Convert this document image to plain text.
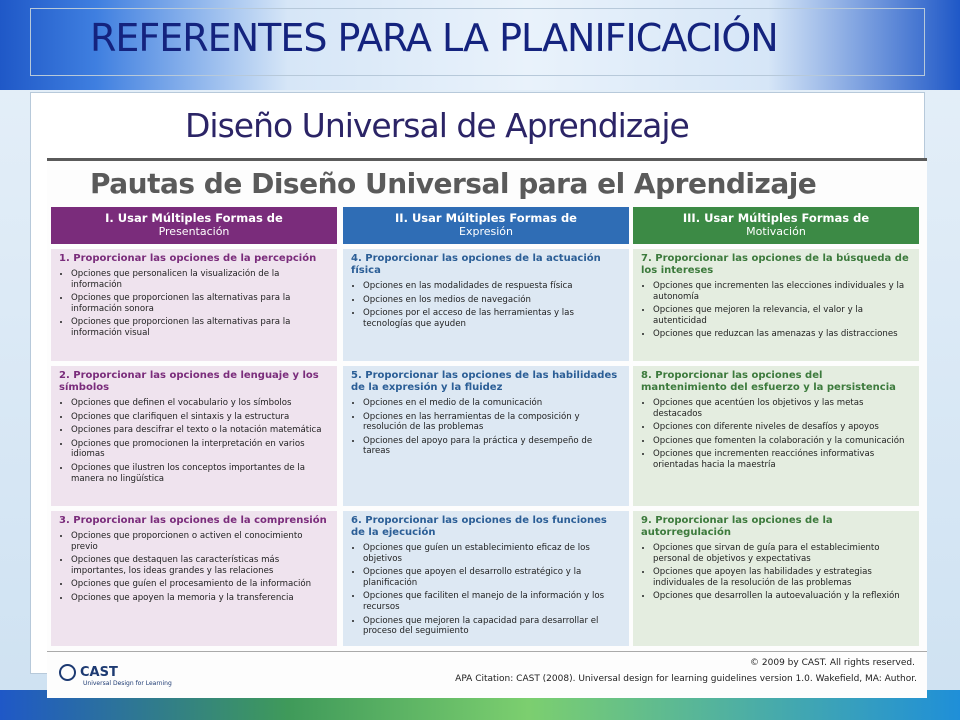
REFERENTES PARA LA PLANIFICACIÓN
Diseño Universal de Aprendizaje
Pautas de Diseño Universal para el Aprendizaje
I. Usar Múltiples Formas de
Presentación
1. Proporcionar las opciones de la percepción
• Opciones que personalicen la visualización de la información
• Opciones que proporcionen las alternativas para la información sonora
• Opciones que proporcionen las alternativas para la información visual
2. Proporcionar las opciones de lenguaje y los símbolos
• Opciones que definen el vocabulario y los símbolos
• Opciones que clarifiquen el sintaxis y la estructura
• Opciones para descifrar el texto o la notación matemática
• Opciones que promocionen la interpretación en varios idiomas
• Opciones que ilustren los conceptos importantes de la manera no lingüística
3. Proporcionar las opciones de la comprensión
• Opciones que proporcionen o activen el conocimiento previo
• Opciones que destaquen las características más importantes, los ideas grandes y las relaciones
• Opciones que guíen el procesamiento de la información
• Opciones que apoyen la memoria y la transferencia
II. Usar Múltiples Formas de
Expresión
4. Proporcionar las opciones de la actuación física
• Opciones en las modalidades de respuesta física
• Opciones en los medios de navegación
• Opciones por el acceso de las herramientas y las tecnologías que ayuden
5. Proporcionar las opciones de las habilidades de la expresión y la fluidez
• Opciones en el medio de la comunicación
• Opciones en las herramientas de la composición y resolución de las problemas
• Opciones del apoyo para la práctica y desempeño de tareas
6. Proporcionar las opciones de los funciones de la ejecución
• Opciones que guíen un establecimiento eficaz de los objetivos
• Opciones que apoyen el desarrollo estratégico y la planificación
• Opciones que faciliten el manejo de la información y los recursos
• Opciones que mejoren la capacidad para desarrollar el proceso del seguimiento
III. Usar Múltiples Formas de
Motivación
7. Proporcionar las opciones de la búsqueda de los intereses
• Opciones que incrementen las elecciones individuales y la autonomía
• Opciones que mejoren la relevancia, el valor y la autenticidad
• Opciones que reduzcan las amenazas y las distracciones
8. Proporcionar las opciones del mantenimiento del esfuerzo y la persistencia
• Opciones que acentúen los objetivos y las metas destacados
• Opciones con diferente niveles de desafíos y apoyos
• Opciones que fomenten la colaboración y la comunicación
• Opciones que incrementen reacciónes informativas orientadas hacia la maestría
9. Proporcionar las opciones de la autorregulación
• Opciones que sirvan de guía para el establecimiento personal de objetivos y expectativas
• Opciones que apoyen las habilidades y estrategias individuales de la resolución de las problemas
• Opciones que desarrollen la autoevaluación y la reflexión
CAST
Universal Design for Learning
© 2009 by CAST. All rights reserved.
APA Citation: CAST (2008). Universal design for learning guidelines version 1.0. Wakefield, MA: Author.
